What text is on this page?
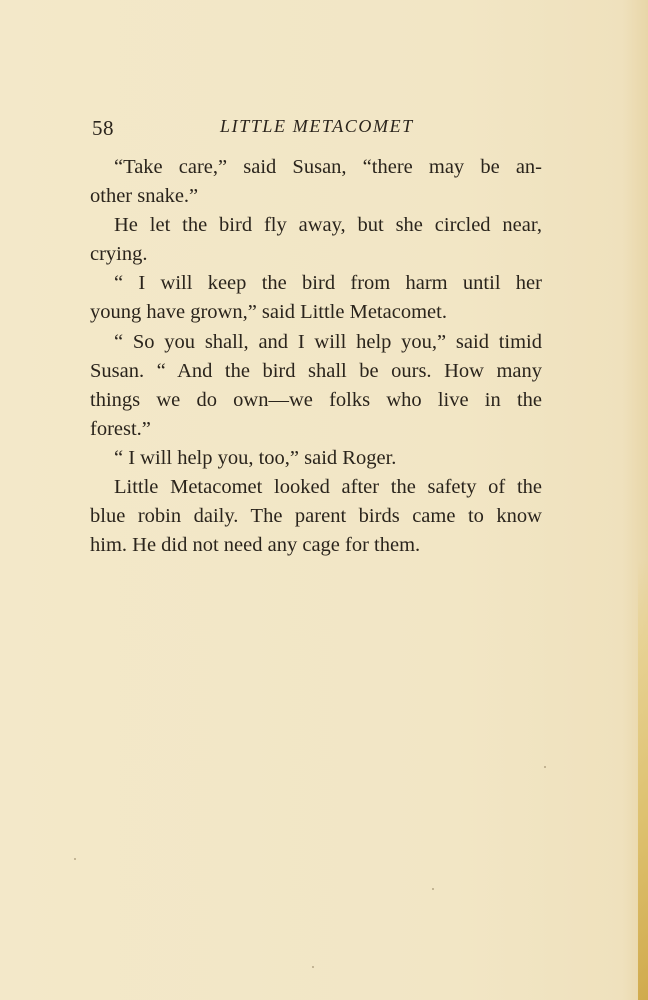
58	LITTLE METACOMET
“Take care,” said Susan, “there may be an-
other snake.”
He let the bird fly away, but she circled near,
crying.
“ I will keep the bird from harm until her
young have grown,” said Little Metacomet.
“ So you shall, and I will help you,” said timid
Susan. “ And the bird shall be ours. How many
things we do own—we folks who live in the
forest.”
“ I will help you, too,” said Roger.
Little Metacomet looked after the safety of the
blue robin daily. The parent birds came to know
him. He did not need any cage for them.
